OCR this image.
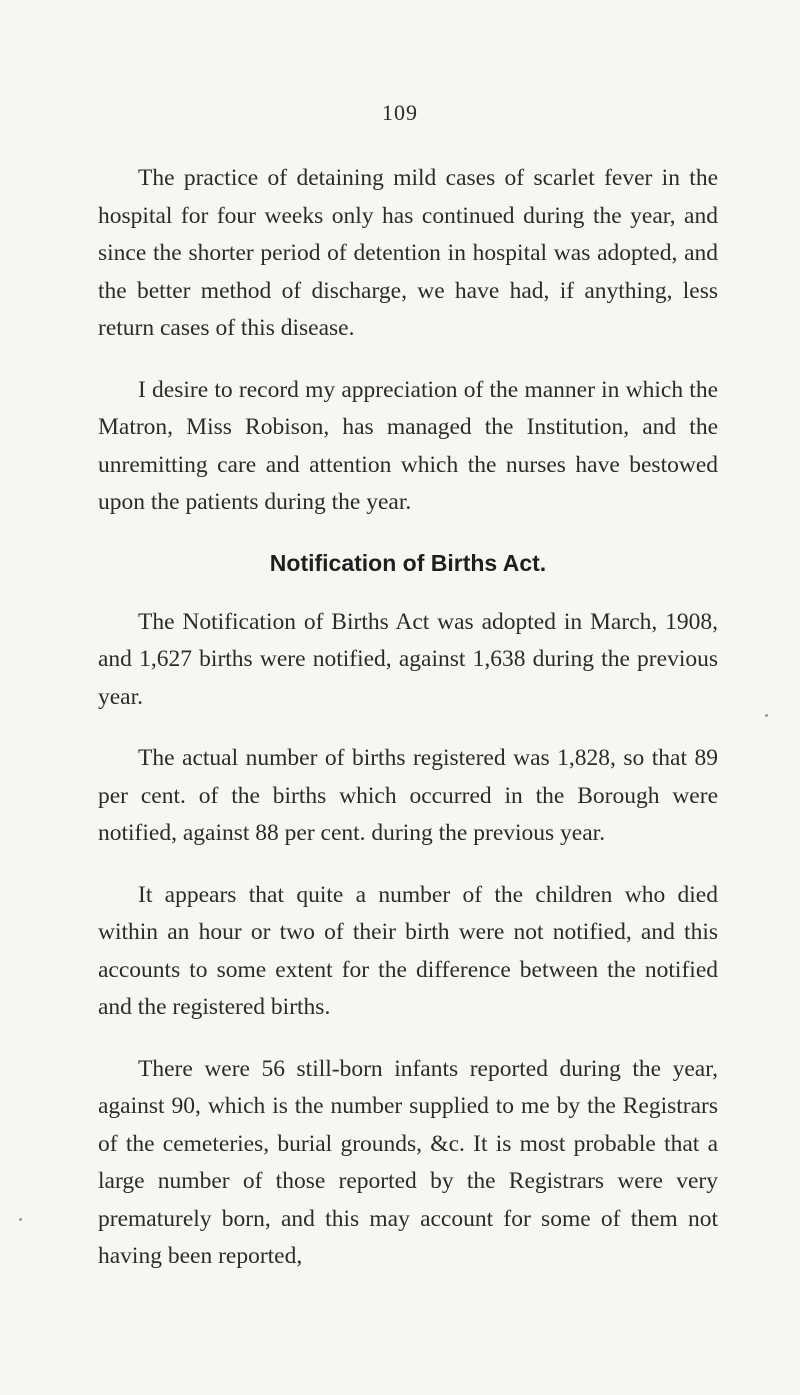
109

The practice of detaining mild cases of scarlet fever in the hospital for four weeks only has continued during the year, and since the shorter period of detention in hospital was adopted, and the better method of discharge, we have had, if anything, less return cases of this disease.

I desire to record my appreciation of the manner in which the Matron, Miss Robison, has managed the Institution, and the unremitting care and attention which the nurses have bestowed upon the patients during the year.

Notification of Births Act.

The Notification of Births Act was adopted in March, 1908, and 1,627 births were notified, against 1,638 during the previous year.

The actual number of births registered was 1,828, so that 89 per cent. of the births which occurred in the Borough were notified, against 88 per cent. during the previous year.

It appears that quite a number of the children who died within an hour or two of their birth were not notified, and this accounts to some extent for the difference between the notified and the registered births.

There were 56 still-born infants reported during the year, against 90, which is the number supplied to me by the Registrars of the cemeteries, burial grounds, &c. It is most probable that a large number of those reported by the Registrars were very prematurely born, and this may account for some of them not having been reported,
